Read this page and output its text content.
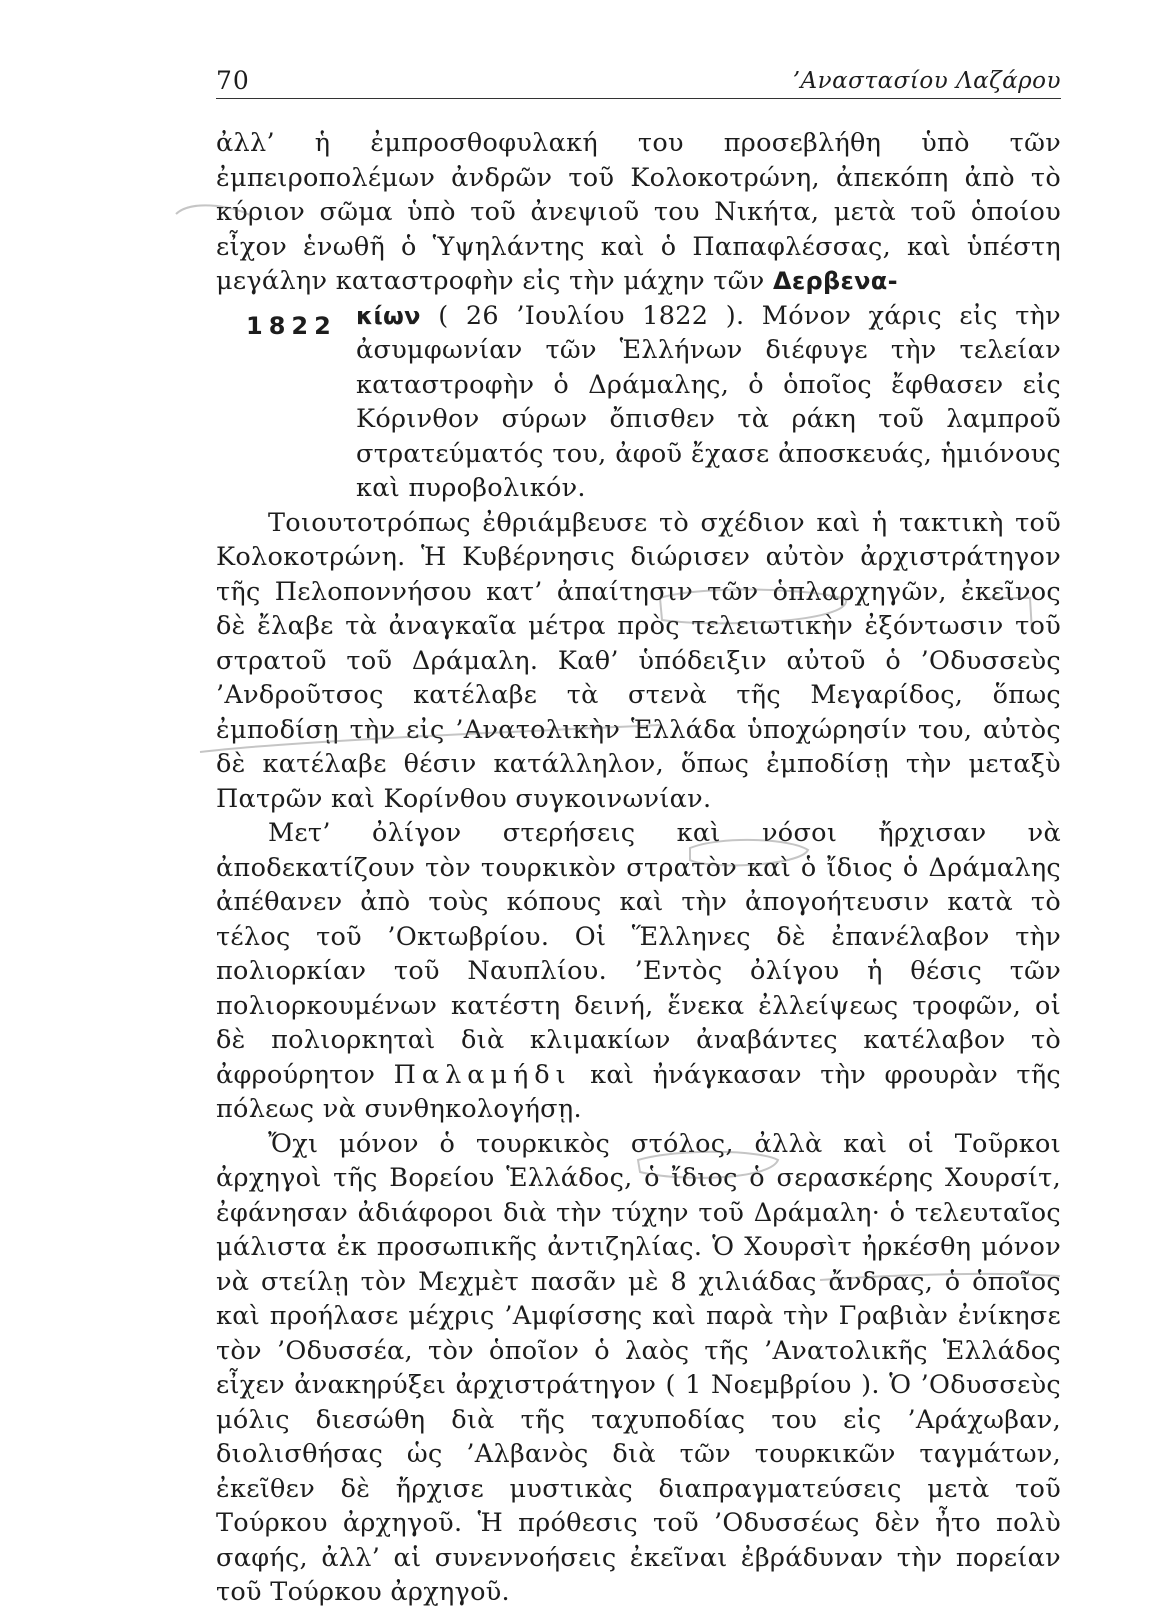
70	’Αναστασίου Λαζάρου
1822

ἀλλ’ ἡ ἐμπροσθοφυλακή του προσεβλήθη ὑπὸ τῶν ἐμπειροπολέμων ἀνδρῶν τοῦ Κολοκοτρώνη, ἀπεκόπη ἀπὸ τὸ κύριον σῶμα ὑπὸ τοῦ ἀνεψιοῦ του Νικήτα, μετὰ τοῦ ὁποίου εἶχον ἑνωθῆ ὁ Ὑψηλάντης καὶ ὁ Παπαφλέσσας, καὶ ὑπέστη μεγάλην καταστροφὴν εἰς τὴν μάχην τῶν Δερβενα-
κίων ( 26 ’Ιουλίου 1822 ). Μόνον χάρις εἰς τὴν ἀσυμφωνίαν τῶν Ἑλλήνων διέφυγε τὴν τελείαν καταστροφὴν ὁ Δράμαλης, ὁ ὁποῖος ἔφθασεν εἰς Κόρινθον σύρων ὄπισθεν τὰ ράκη τοῦ λαμπροῦ στρατεύματός του, ἀφοῦ ἔχασε ἀποσκευάς, ἡμιόνους καὶ πυροβολικόν.

Τοιουτοτρόπως ἐθριάμβευσε τὸ σχέδιον καὶ ἡ τακτικὴ τοῦ Κολοκοτρώνη. Ἡ Κυβέρνησις διώρισεν αὐτὸν ἀρχιστράτηγον τῆς Πελοποννήσου κατ’ ἀπαίτησιν τῶν ὁπλαρχηγῶν, ἐκεῖνος δὲ ἔλαβε τὰ ἀναγκαῖα μέτρα πρὸς τελειωτικὴν ἐξόντωσιν τοῦ στρατοῦ τοῦ Δράμαλη. Καθ’ ὑπόδειξιν αὐτοῦ ὁ ’Οδυσσεὺς ’Ανδροῦτσος κατέλαβε τὰ στενὰ τῆς Μεγαρίδος, ὅπως ἐμποδίσῃ τὴν εἰς ’Ανατολικὴν Ἑλλάδα ὑποχώρησίν του, αὐτὸς δὲ κατέλαβε θέσιν κατάλληλον, ὅπως ἐμποδίσῃ τὴν μεταξὺ Πατρῶν καὶ Κορίνθου συγκοινωνίαν.

Μετ’ ὀλίγον στερήσεις καὶ νόσοι ἤρχισαν νὰ ἀποδεκατίζουν τὸν τουρκικὸν στρατὸν καὶ ὁ ἴδιος ὁ Δράμαλης ἀπέθανεν ἀπὸ τοὺς κόπους καὶ τὴν ἀπογοήτευσιν κατὰ τὸ τέλος τοῦ ’Οκτωβρίου. Οἱ Ἕλληνες δὲ ἐπανέλαβον τὴν πολιορκίαν τοῦ Ναυπλίου. ’Εντὸς ὀλίγου ἡ θέσις τῶν πολιορκουμένων κατέστη δεινή, ἕνεκα ἐλλείψεως τροφῶν, οἱ δὲ πολιορκηταὶ διὰ κλιμακίων ἀναβάντες κατέλαβον τὸ ἀφρούρητον Παλαμήδι καὶ ἠνάγκασαν τὴν φρουρὰν τῆς πόλεως νὰ συνθηκολογήσῃ.

Ὄχι μόνον ὁ τουρκικὸς στόλος, ἀλλὰ καὶ οἱ Τοῦρκοι ἀρχηγοὶ τῆς Βορείου Ἑλλάδος, ὁ ἴδιος ὁ σερασκέρης Χουρσίτ, ἐφάνησαν ἀδιάφοροι διὰ τὴν τύχην τοῦ Δράμαλη· ὁ τελευταῖος μάλιστα ἐκ προσωπικῆς ἀντιζηλίας. Ὁ Χουρσὶτ ἠρκέσθη μόνον νὰ στείλῃ τὸν Μεχμὲτ πασᾶν μὲ 8 χιλιάδας ἄνδρας, ὁ ὁποῖος καὶ προήλασε μέχρις ’Αμφίσσης καὶ παρὰ τὴν Γραβιὰν ἐνίκησε τὸν ’Οδυσσέα, τὸν ὁποῖον ὁ λαὸς τῆς ’Ανατολικῆς Ἑλλάδος εἶχεν ἀνακηρύξει ἀρχιστράτηγον ( 1 Νοεμβρίου ). Ὁ ’Οδυσσεὺς μόλις διεσώθη διὰ τῆς ταχυποδίας του εἰς ’Αράχωβαν, διολισθήσας ὡς ’Αλβανὸς διὰ τῶν τουρκικῶν ταγμάτων, ἐκεῖθεν δὲ ἤρχισε μυστικὰς διαπραγματεύσεις μετὰ τοῦ Τούρκου ἀρχηγοῦ. Ἡ πρόθεσις τοῦ ’Οδυσσέως δὲν ἦτο πολὺ σαφής, ἀλλ’ αἱ συνεννοήσεις ἐκεῖναι ἐβράδυναν τὴν πορείαν τοῦ Τούρκου ἀρχηγοῦ.
